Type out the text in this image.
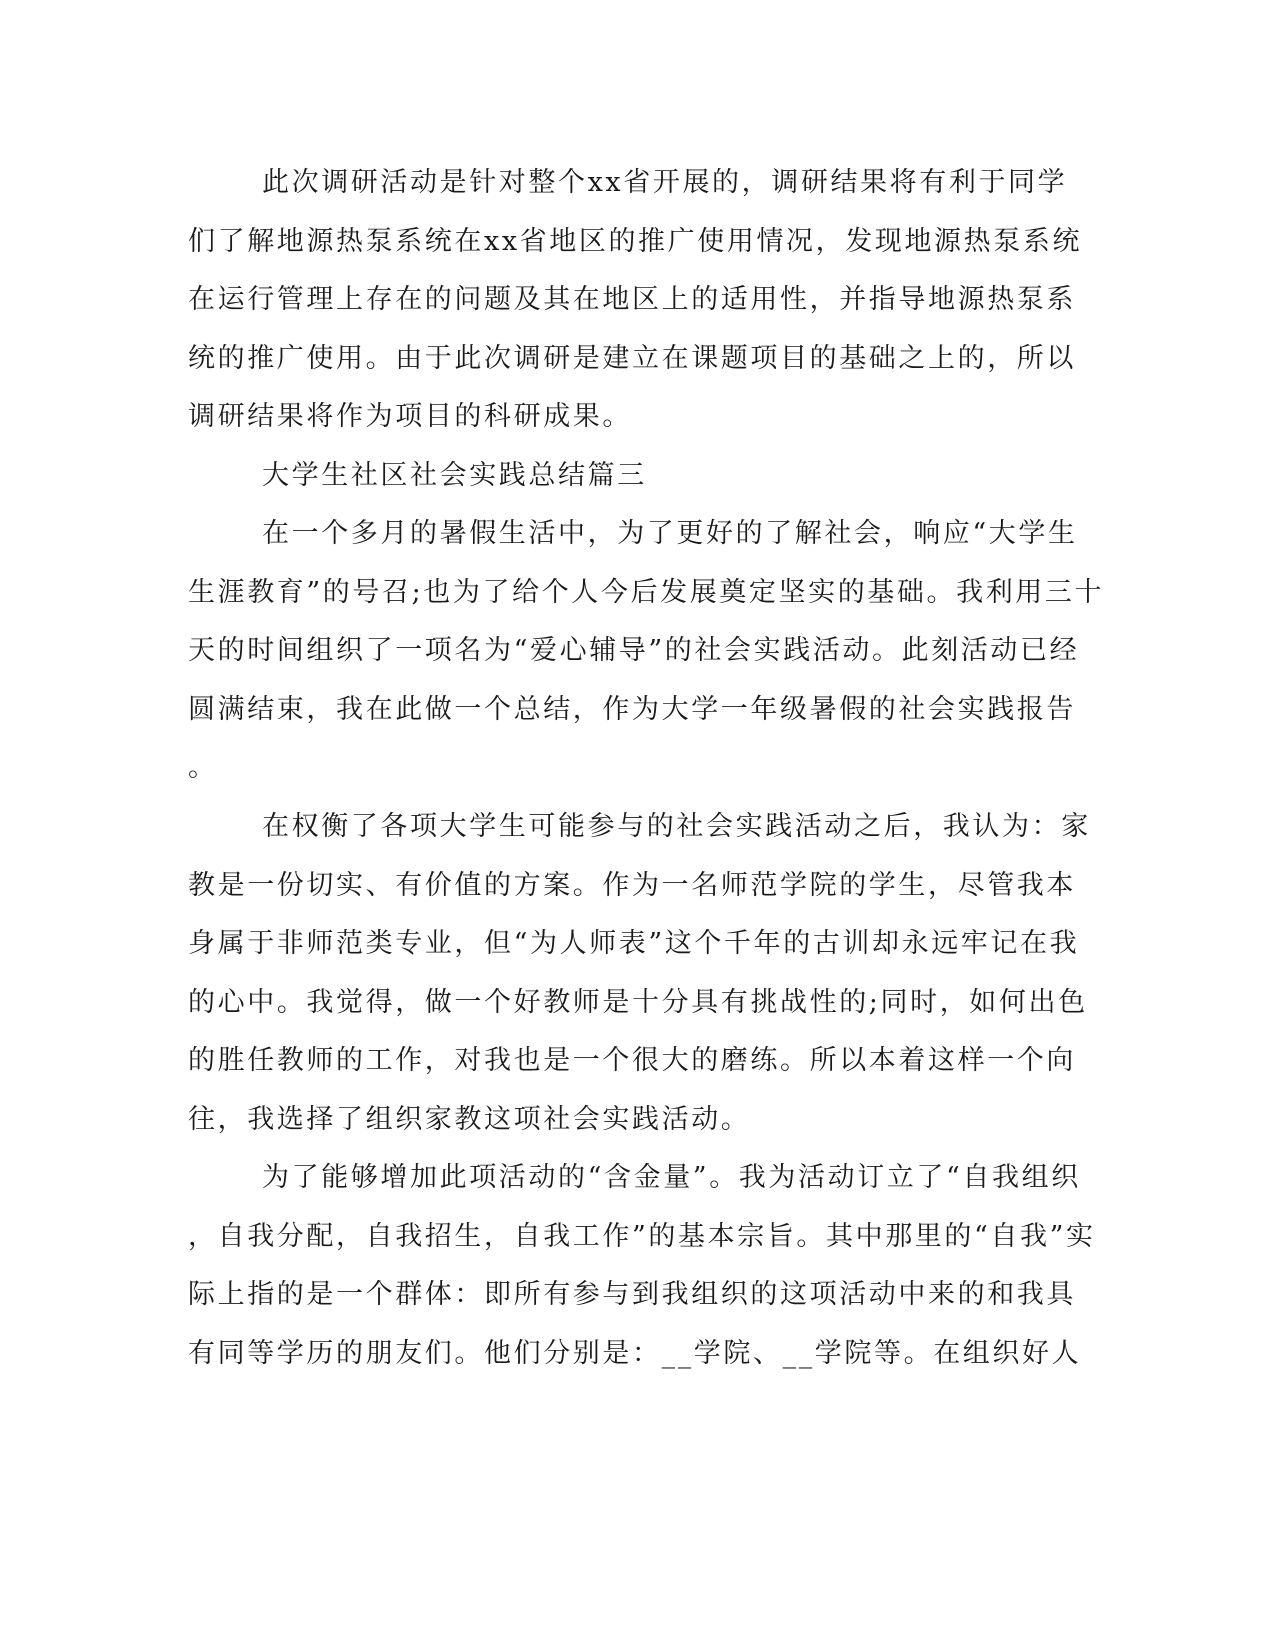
此次调研活动是针对整个xx省开展的，调研结果将有利于同学
们了解地源热泵系统在xx省地区的推广使用情况，发现地源热泵系统
在运行管理上存在的问题及其在地区上的适用性，并指导地源热泵系
统的推广使用。由于此次调研是建立在课题项目的基础之上的，所以
调研结果将作为项目的科研成果。
大学生社区社会实践总结篇三
在一个多月的暑假生活中，为了更好的了解社会，响应“大学生
生涯教育”的号召;也为了给个人今后发展奠定坚实的基础。我利用三十
天的时间组织了一项名为“爱心辅导”的社会实践活动。此刻活动已经
圆满结束，我在此做一个总结，作为大学一年级暑假的社会实践报告
。
在权衡了各项大学生可能参与的社会实践活动之后，我认为：家
教是一份切实、有价值的方案。作为一名师范学院的学生，尽管我本
身属于非师范类专业，但“为人师表”这个千年的古训却永远牢记在我
的心中。我觉得，做一个好教师是十分具有挑战性的;同时，如何出色
的胜任教师的工作，对我也是一个很大的磨练。所以本着这样一个向
往，我选择了组织家教这项社会实践活动。
为了能够增加此项活动的“含金量”。我为活动订立了“自我组织
，自我分配，自我招生，自我工作”的基本宗旨。其中那里的“自我”实
际上指的是一个群体：即所有参与到我组织的这项活动中来的和我具
有同等学历的朋友们。他们分别是：__学院、__学院等。在组织好人
